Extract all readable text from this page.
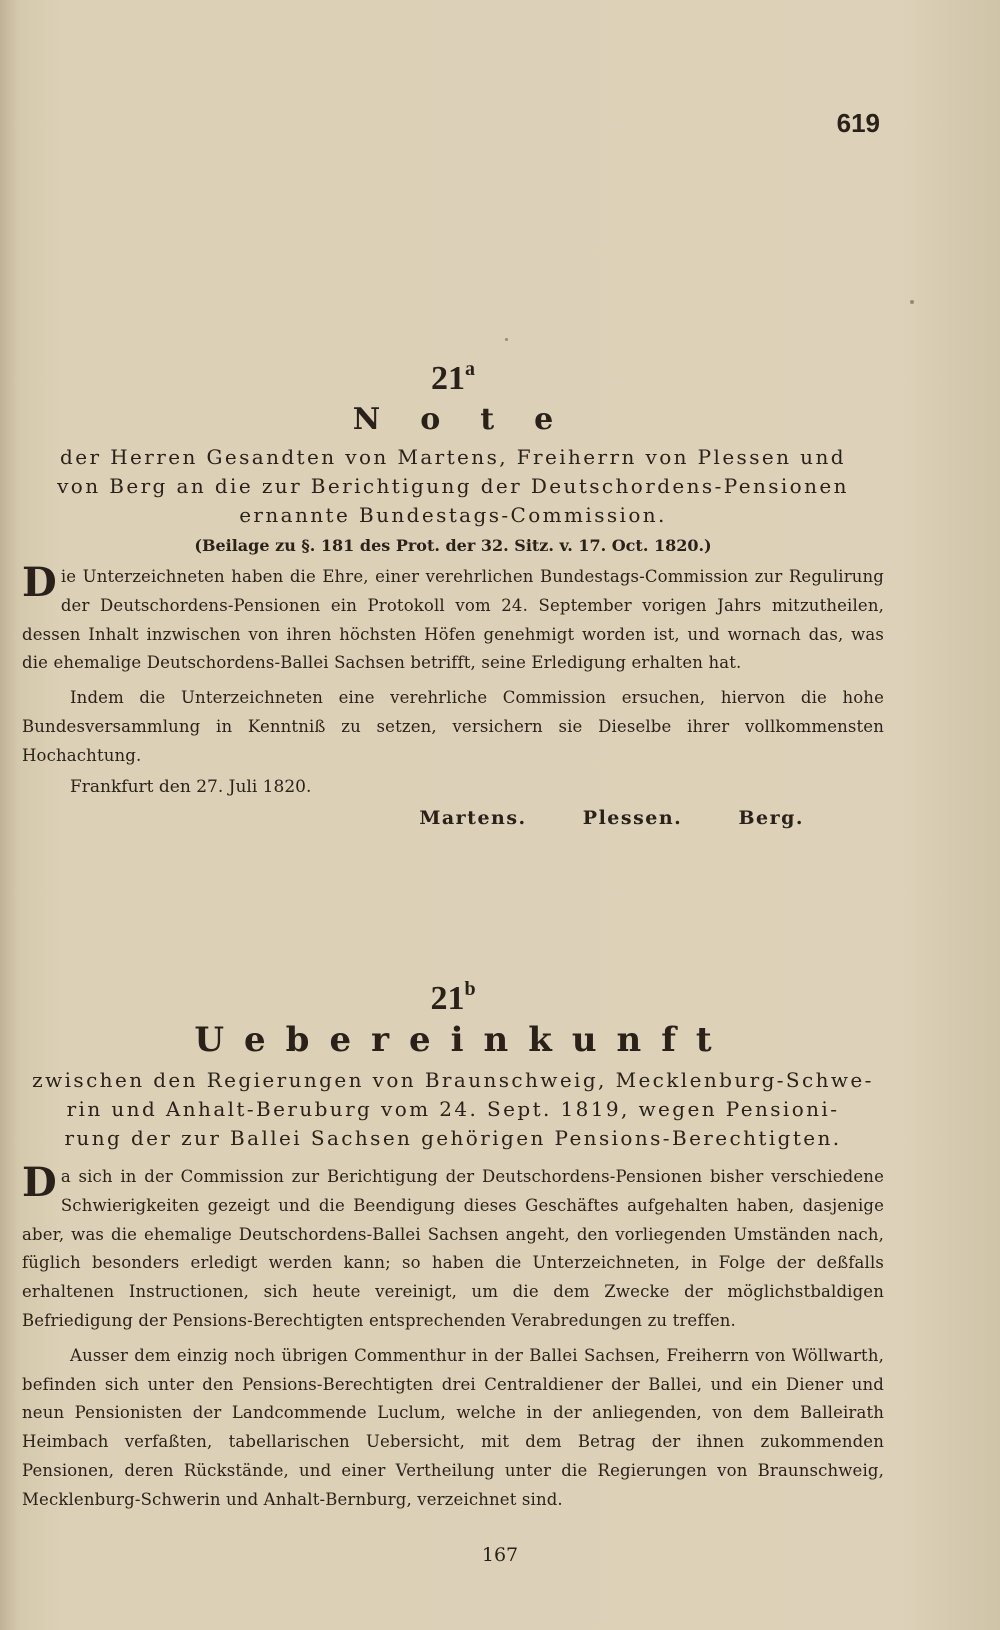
619
21$^a$
Note
der Herren Gesandten von Martens, Freiherrn von Plessen und
von Berg an die zur Berichtigung der Deutschordens-Pensionen
ernannte Bundestags-Commission.
(Beilage zu §. 181 des Prot. der 32. Sitz. v. 17. Oct. 1820.)

Die Unterzeichneten haben die Ehre, einer verehrlichen Bundestags-Commission zur Regulirung der Deutschordens-Pensionen ein Protokoll vom 24. September vorigen Jahrs mitzutheilen, dessen Inhalt inzwischen von ihren höchsten Höfen genehmigt worden ist, und wornach das, was die ehemalige Deutschordens-Ballei Sachsen betrifft, seine Erledigung erhalten hat.

Indem die Unterzeichneten eine verehrliche Commission ersuchen, hiervon die hohe Bundesversammlung in Kenntniß zu setzen, versichern sie Dieselbe ihrer vollkommensten Hochachtung.

Frankfurt den 27. Juli 1820.

Martens.	Plessen.	Berg.
21$^b$
Uebereinkunft
zwischen den Regierungen von Braunschweig, Mecklenburg-Schwe-
rin und Anhalt-Beruburg vom 24. Sept. 1819, wegen Pensioni-
rung der zur Ballei Sachsen gehörigen Pensions-Berechtigten.

Da sich in der Commission zur Berichtigung der Deutschordens-Pensionen bisher verschiedene Schwierigkeiten gezeigt und die Beendigung dieses Geschäftes aufgehalten haben, dasjenige aber, was die ehemalige Deutschordens-Ballei Sachsen angeht, den vorliegenden Umständen nach, füglich besonders erledigt werden kann; so haben die Unterzeichneten, in Folge der deßfalls erhaltenen Instructionen, sich heute vereinigt, um die dem Zwecke der möglichstbaldigen Befriedigung der Pensions-Berechtigten entsprechenden Verabredungen zu treffen.

Ausser dem einzig noch übrigen Commenthur in der Ballei Sachsen, Freiherrn von Wöllwarth, befinden sich unter den Pensions-Berechtigten drei Centraldiener der Ballei, und ein Diener und neun Pensionisten der Landcommende Luclum, welche in der anliegenden, von dem Balleirath Heimbach verfaßten, tabellarischen Uebersicht, mit dem Betrag der ihnen zukommenden Pensionen, deren Rückstände, und einer Vertheilung unter die Regierungen von Braunschweig, Mecklenburg-Schwerin und Anhalt-Bernburg, verzeichnet sind.

167
